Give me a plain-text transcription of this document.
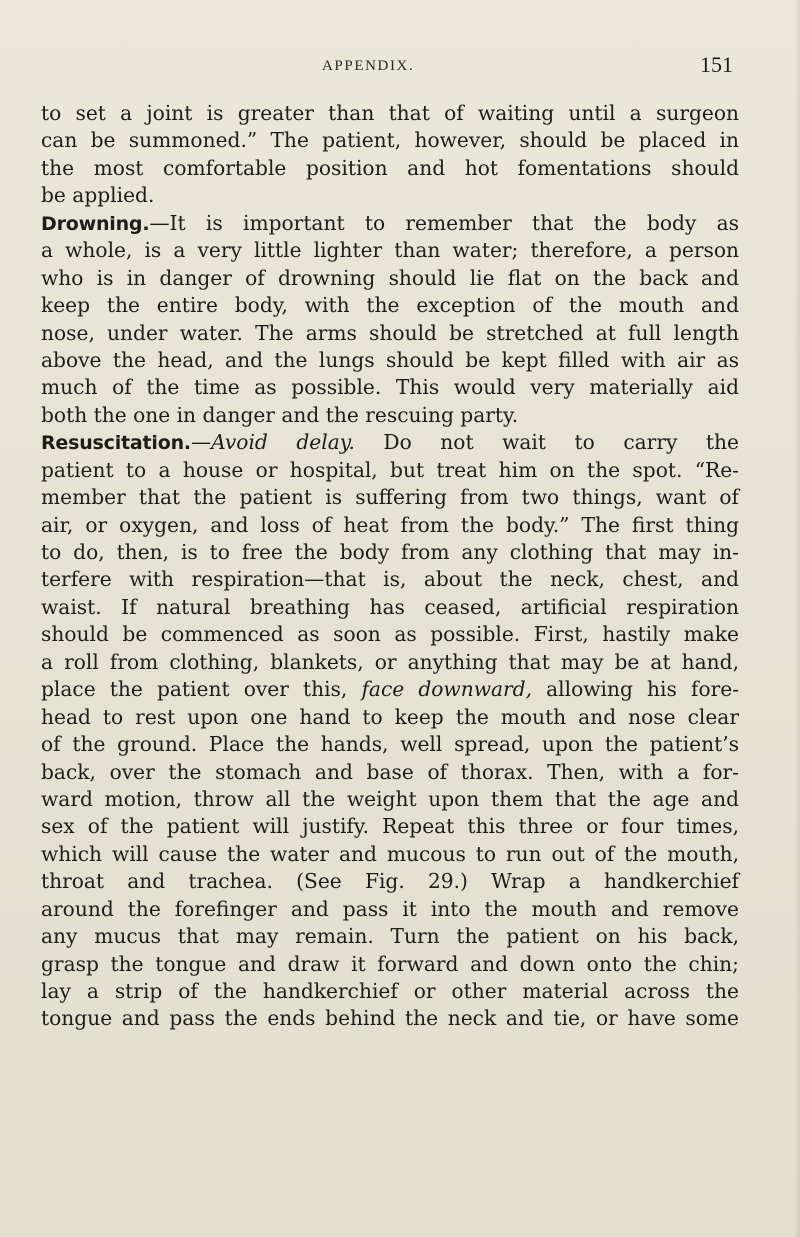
APPENDIX.	151
to set a joint is greater than that of waiting until a surgeon
can be summoned.” The patient, however, should be placed in
the most comfortable position and hot fomentations should
be applied.
Drowning.—It is important to remember that the body as
a whole, is a very little lighter than water; therefore, a person
who is in danger of drowning should lie flat on the back and
keep the entire body, with the exception of the mouth and
nose, under water. The arms should be stretched at full length
above the head, and the lungs should be kept filled with air as
much of the time as possible. This would very materially aid
both the one in danger and the rescuing party.
Resuscitation.—Avoid delay. Do not wait to carry the
patient to a house or hospital, but treat him on the spot. “Re-
member that the patient is suffering from two things, want of
air, or oxygen, and loss of heat from the body.” The first thing
to do, then, is to free the body from any clothing that may in-
terfere with respiration—that is, about the neck, chest, and
waist. If natural breathing has ceased, artificial respiration
should be commenced as soon as possible. First, hastily make
a roll from clothing, blankets, or anything that may be at hand,
place the patient over this, face downward, allowing his fore-
head to rest upon one hand to keep the mouth and nose clear
of the ground. Place the hands, well spread, upon the patient’s
back, over the stomach and base of thorax. Then, with a for-
ward motion, throw all the weight upon them that the age and
sex of the patient will justify. Repeat this three or four times,
which will cause the water and mucous to run out of the mouth,
throat and trachea. (See Fig. 29.) Wrap a handkerchief
around the forefinger and pass it into the mouth and remove
any mucus that may remain. Turn the patient on his back,
grasp the tongue and draw it forward and down onto the chin;
lay a strip of the handkerchief or other material across the
tongue and pass the ends behind the neck and tie, or have some
